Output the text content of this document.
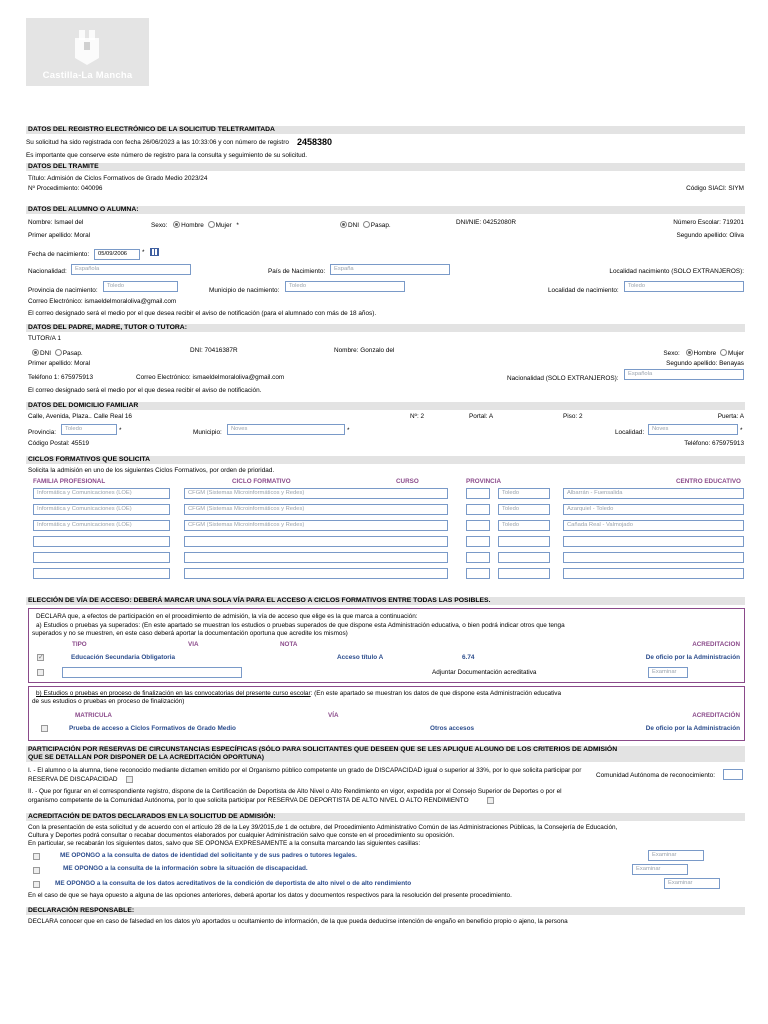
Castilla-La Mancha
DATOS DEL REGISTRO ELECTRÓNICO DE LA SOLICITUD TELETRAMITADA
Su solicitud ha sido registrada con fecha 26/06/2023 a las 10:33:06 y con número de registro 2458380
Es importante que conserve este número de registro para la consulta y seguimiento de su solicitud.
DATOS DEL TRAMITE
Título: Admisión de Ciclos Formativos de Grado Medio 2023/24
Nº Procedimiento: 040096	Código SIACI: SIYM
DATOS DEL ALUMNO O ALUMNA:
Nombre: Ismael del	Sexo: Hombre Mujer *	DNI Pasap.	DNI/NIE: 04252080R	Número Escolar: 719201
Primer apellido: Moral	Segundo apellido: Oliva
Fecha de nacimiento:	05/09/2006	*
Nacionalidad:	Española	País de Nacimiento:	España	Localidad nacimiento (SOLO EXTRANJEROS):
Provincia de nacimiento:
Toledo
Municipio de nacimiento:
Toledo
Localidad de nacimiento:
Toledo
Correo Electrónico: ismaeldelmoraloliva@gmail.com
El correo designado será el medio por el que desea recibir el aviso de notificación (para el alumnado con más de 18 años).
DATOS DEL PADRE, MADRE, TUTOR O TUTORA:
TUTOR/A 1
DNI Pasap.	DNI: 70416387R	Nombre: Gonzalo del	Sexo: Hombre Mujer
Primer apellido: Moral	Segundo apellido: Benayas
Teléfono 1: 675975913	Correo Electrónico: ismaeldelmoraloliva@gmail.com	Nacionalidad (SOLO EXTRANJEROS):
Española
El correo designado será el medio por el que desea recibir el aviso de notificación.
DATOS DEL DOMICILIO FAMILIAR
Calle, Avenida, Plaza.. Calle Real 16	Nº: 2	Portal: A	Piso: 2	Puerta: A
Provincia:	Toledo	*	Municipio:	Noves	*	Localidad:	Noves	*
Código Postal: 45519	Teléfono: 675975913
CICLOS FORMATIVOS QUE SOLICITA
Solicita la admisión en uno de los siguientes Ciclos Formativos, por orden de prioridad.
FAMILIA PROFESIONAL	CICLO FORMATIVO	CURSO	PROVINCIA	CENTRO EDUCATIVO
Informática y Comunicaciones (LOE)	CFGM (Sistemas Microinformáticos y Redes)	Toledo	Albarrán - Fuensalida
Informática y Comunicaciones (LOE)	CFGM (Sistemas Microinformáticos y Redes)	Toledo	Azarquiel - Toledo
Informática y Comunicaciones (LOE)	CFGM (Sistemas Microinformáticos y Redes)	Toledo	Cañada Real - Valmojado
ELECCIÓN DE VÍA DE ACCESO: DEBERÁ MARCAR UNA SOLA VÍA PARA EL ACCESO A CICLOS FORMATIVOS ENTRE TODAS LAS POSIBLES.
DECLARA que, a efectos de participación en el procedimiento de admisión, la vía de acceso que elige es la que marca a continuación:
a) Estudios o pruebas ya superados: (En este apartado se muestran los estudios o pruebas superados de que dispone esta Administración educativa, o bien podrá indicar otros que tenga
superados y no se muestren, en este caso deberá aportar la documentación oportuna que acredite los mismos)
TIPO	VIA	NOTA	ACREDITACION
✓
Educación Secundaria Obligatoria	Acceso título A	6.74	De oficio por la Administración
Adjuntar Documentación acreditativa	Examinar
b) Estudios o pruebas en proceso de finalización en las convocatorias del presente curso escolar: (En este apartado se muestran los datos de que dispone esta Administración educativa
de sus estudios o pruebas en proceso de finalización)
MATRICULA	VÍA	ACREDITACIÓN
Prueba de acceso a Ciclos Formativos de Grado Medio	Otros accesos	De oficio por la Administración
PARTICIPACIÓN POR RESERVAS DE CIRCUNSTANCIAS ESPECÍFICAS (SÓLO PARA SOLICITANTES QUE DESEEN QUE SE LES APLIQUE ALGUNO DE LOS CRITERIOS DE ADMISIÓN
QUE SE DETALLAN POR DISPONER DE LA ACREDITACIÓN OPORTUNA)
I. - El alumno o la alumna, tiene reconocido mediante dictamen emitido por el Organismo público competente un grado de DISCAPACIDAD igual o superior al 33%, por lo que solicita participar por
RESERVA DE DISCAPACIDAD
Comunidad Autónoma de reconocimiento:
II. - Que por figurar en el correspondiente registro, dispone de la Certificación de Deportista de Alto Nivel o Alto Rendimiento en vigor, expedida por el Consejo Superior de Deportes o por el
organismo competente de la Comunidad Autónoma, por lo que solicita participar por RESERVA DE DEPORTISTA DE ALTO NIVEL O ALTO RENDIMIENTO
ACREDITACIÓN DE DATOS DECLARADOS EN LA SOLICITUD DE ADMISIÓN:
Con la presentación de esta solicitud y de acuerdo con el artículo 28 de la Ley 39/2015,de 1 de octubre, del Procedimiento Administrativo Común de las Administraciones Públicas, la Consejería de Educación,
Cultura y Deportes podrá consultar o recabar documentos elaborados por cualquier Administración salvo que conste en el procedimiento su oposición.
En particular, se recabarán los siguientes datos, salvo que SE OPONGA EXPRESAMENTE a la consulta marcando las siguientes casillas:
ME OPONGO a la consulta de datos de identidad del solicitante y de sus padres o tutores legales.	Examinar
ME OPONGO a la consulta de la información sobre la situación de discapacidad.	Examinar
ME OPONGO a la consulta de los datos acreditativos de la condición de deportista de alto nivel o de alto rendimiento	Examinar
En el caso de que se haya opuesto a alguna de las opciones anteriores, deberá aportar los datos y documentos respectivos para la resolución del presente procedimiento.
DECLARACIÓN RESPONSABLE:
DECLARA conocer que en caso de falsedad en los datos y/o aportados u ocultamiento de información, de la que pueda deducirse intención de engaño en beneficio propio o ajeno, la persona
